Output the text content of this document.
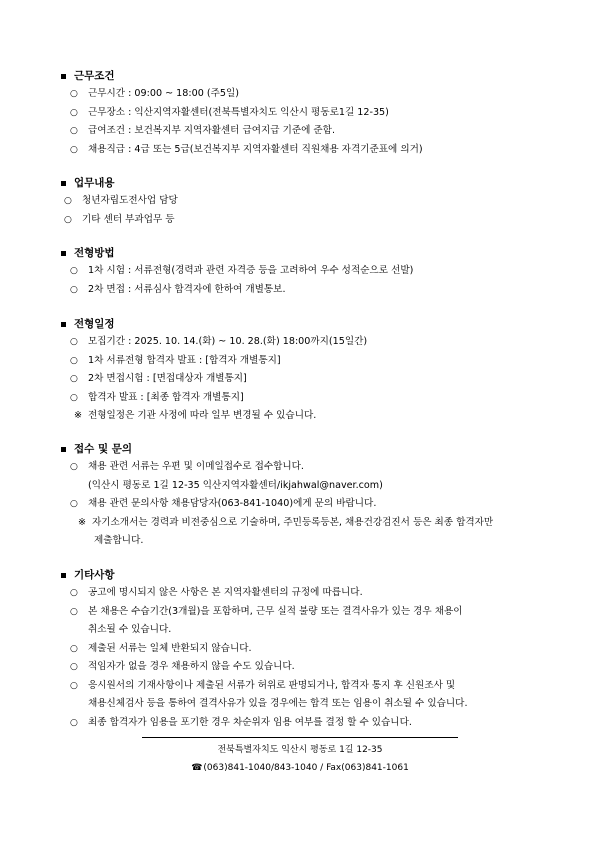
근무조건
○	근무시간 : 09:00 ~ 18:00 (주5일)
○	근무장소 : 익산지역자활센터(전북특별자치도 익산시 평동로1길 12-35)
○	급여조건 : 보건복지부 지역자활센터 급여지급 기준에 준함.
○	채용직급 : 4급 또는 5급(보건복지부 지역자활센터 직원채용 자격기준표에 의거)
업무내용
○	청년자립도전사업 담당
○	기타 센터 부과업무 등
전형방법
○	1차 시험 : 서류전형(경력과 관련 자격증 등을 고려하여 우수 성적순으로 선발)
○	2차 면접 : 서류심사 합격자에 한하여 개별통보.
전형일정
○	모집기간 : 2025. 10. 14.(화) ~ 10. 28.(화) 18:00까지(15일간)
○	1차 서류전형 합격자 발표 : [합격자 개별통지]
○	2차 면접시험 : [면접대상자 개별통지]
○	합격자 발표 : [최종 합격자 개별통지]
※ 전형일정은 기관 사정에 따라 일부 변경될 수 있습니다.
접수 및 문의
○	채용 관련 서류는 우편 및 이메일접수로 접수합니다.
(익산시 평동로 1길 12-35 익산지역자활센터/ikjahwal@naver.com)
○	채용 관련 문의사항 채용담당자(063-841-1040)에게 문의 바랍니다.
※ 자기소개서는 경력과 비전중심으로 기술하며, 주민등록등본, 채용건강검진서 등은 최종 합격자만
제출합니다.
기타사항
○	공고에 명시되지 않은 사항은 본 지역자활센터의 규정에 따릅니다.
○	본 채용은 수습기간(3개월)을 포함하며, 근무 실적 불량 또는 결격사유가 있는 경우 채용이
취소될 수 있습니다.
○	제출된 서류는 일체 반환되지 않습니다.
○	적임자가 없을 경우 채용하지 않을 수도 있습니다.
○	응시원서의 기재사항이나 제출된 서류가 허위로 판명되거나, 합격자 통지 후 신원조사 및
채용신체검사 등을 통하여 결격사유가 있을 경우에는 합격 또는 임용이 취소될 수 있습니다.
○	최종 합격자가 임용을 포기한 경우 차순위자 임용 여부를 결정 할 수 있습니다.
전북특별자치도 익산시 평동로 1길 12-35
☎(063)841-1040/843-1040 / Fax(063)841-1061
